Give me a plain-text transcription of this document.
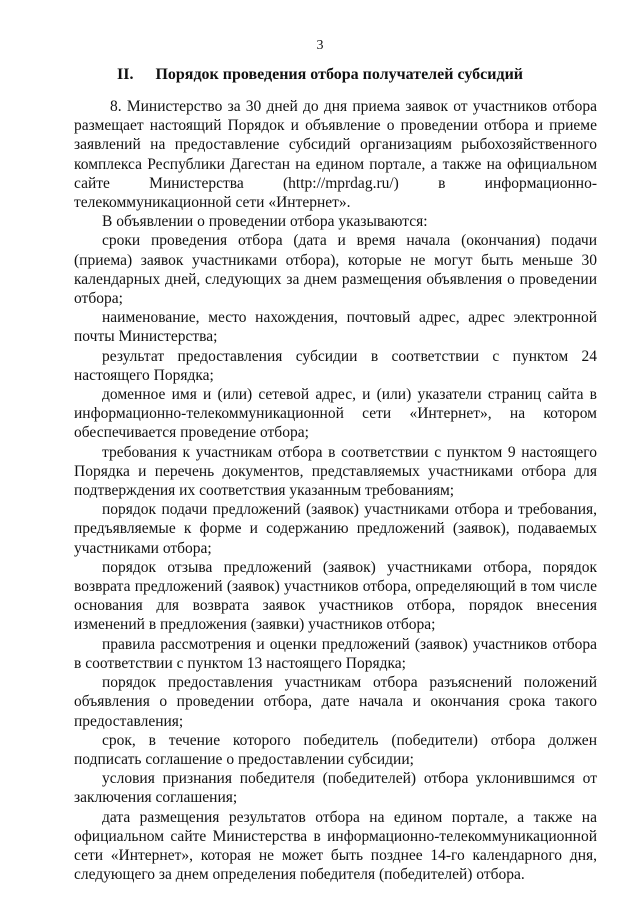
3
II. Порядок проведения отбора получателей субсидий

8. Министерство за 30 дней до дня приема заявок от участников отбора размещает настоящий Порядок и объявление о проведении отбора и приеме заявлений на предоставление субсидий организациям рыбохозяйственного комплекса Республики Дагестан на едином портале, а также на официальном сайте Министерства (http://mprdag.ru/) в информационно-телекоммуникационной сети «Интернет».

В объявлении о проведении отбора указываются:

сроки проведения отбора (дата и время начала (окончания) подачи (приема) заявок участниками отбора), которые не могут быть меньше 30 календарных дней, следующих за днем размещения объявления о проведении отбора;

наименование, место нахождения, почтовый адрес, адрес электронной почты Министерства;

результат предоставления субсидии в соответствии с пунктом 24 настоящего Порядка;

доменное имя и (или) сетевой адрес, и (или) указатели страниц сайта в информационно-телекоммуникационной сети «Интернет», на котором обеспечивается проведение отбора;

требования к участникам отбора в соответствии с пунктом 9 настоящего Порядка и перечень документов, представляемых участниками отбора для подтверждения их соответствия указанным требованиям;

порядок подачи предложений (заявок) участниками отбора и требования, предъявляемые к форме и содержанию предложений (заявок), подаваемых участниками отбора;

порядок отзыва предложений (заявок) участниками отбора, порядок возврата предложений (заявок) участников отбора, определяющий в том числе основания для возврата заявок участников отбора, порядок внесения изменений в предложения (заявки) участников отбора;

правила рассмотрения и оценки предложений (заявок) участников отбора в соответствии с пунктом 13 настоящего Порядка;

порядок предоставления участникам отбора разъяснений положений объявления о проведении отбора, дате начала и окончания срока такого предоставления;

срок, в течение которого победитель (победители) отбора должен подписать соглашение о предоставлении субсидии;

условия признания победителя (победителей) отбора уклонившимся от заключения соглашения;

дата размещения результатов отбора на едином портале, а также на официальном сайте Министерства в информационно-телекоммуникационной сети «Интернет», которая не может быть позднее 14-го календарного дня, следующего за днем определения победителя (победителей) отбора.
